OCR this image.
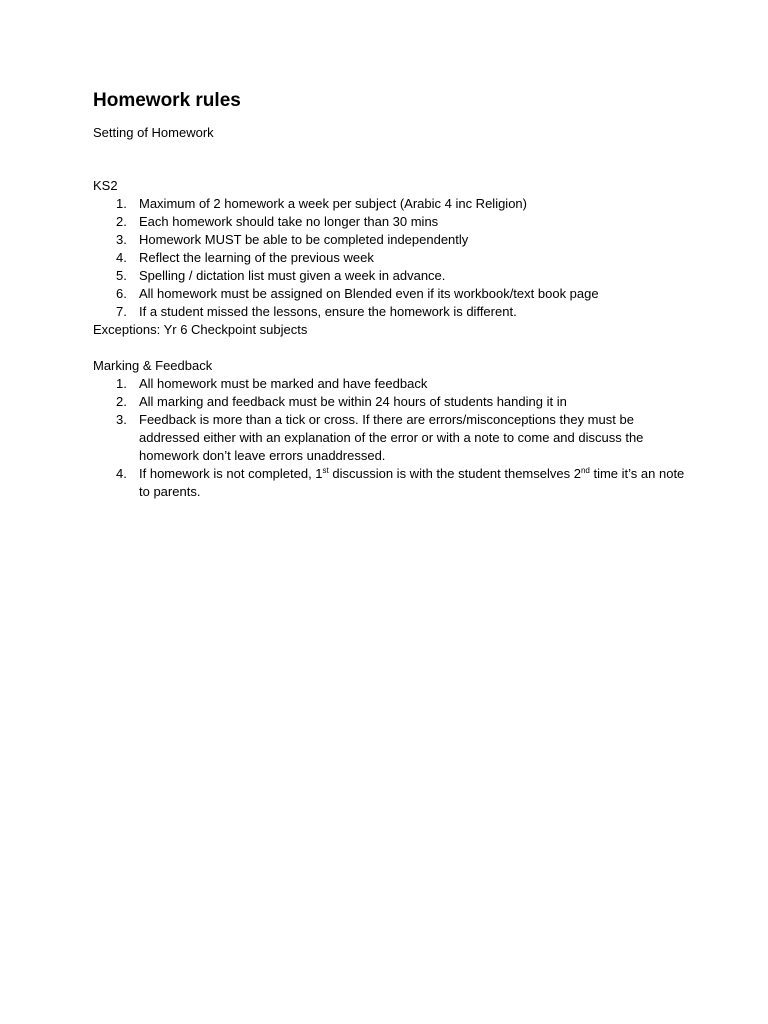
Homework rules

Setting of Homework

KS2

1. Maximum of 2 homework a week per subject (Arabic 4 inc Religion)
2. Each homework should take no longer than 30 mins
3. Homework MUST be able to be completed independently
4. Reflect the learning of the previous week
5. Spelling / dictation list must given a week in advance.
6. All homework must be assigned on Blended even if its workbook/text book page
7. If a student missed the lessons, ensure the homework is different.

Exceptions: Yr 6 Checkpoint subjects

Marking & Feedback

1. All homework must be marked and have feedback
2. All marking and feedback must be within 24 hours of students handing it in
3. Feedback is more than a tick or cross. If there are errors/misconceptions they must be addressed either with an explanation of the error or with a note to come and discuss the homework don’t leave errors unaddressed.
4. If homework is not completed, 1st discussion is with the student themselves 2nd time it’s an note to parents.
